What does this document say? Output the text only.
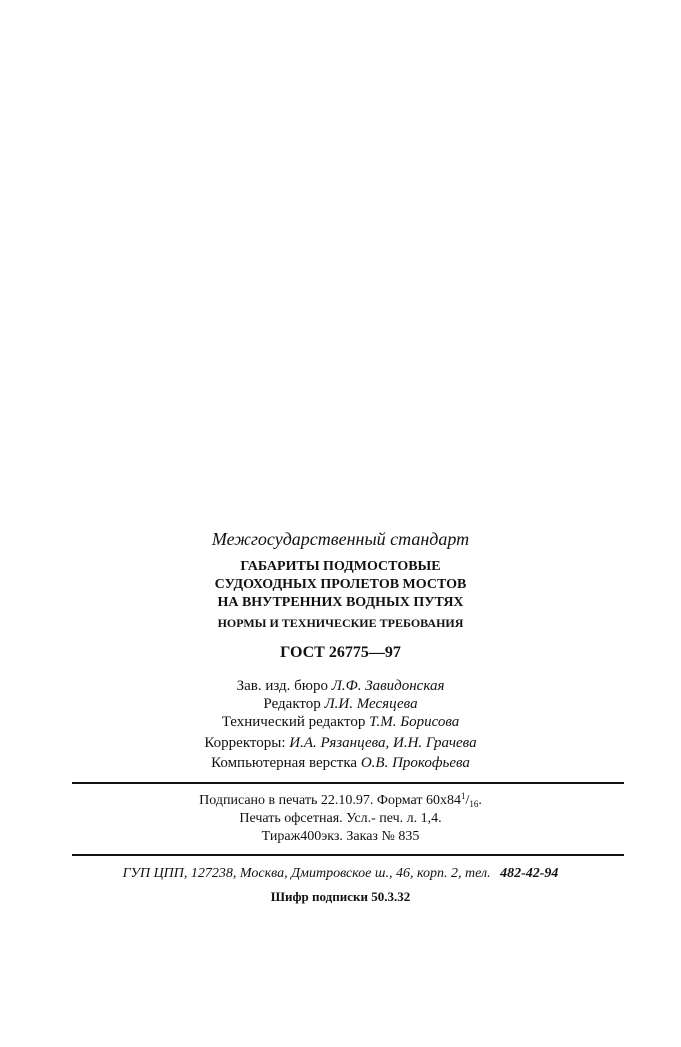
Межгосударственный стандарт
ГАБАРИТЫ ПОДМОСТОВЫЕ
СУДОХОДНЫХ ПРОЛЕТОВ МОСТОВ
НА ВНУТРЕННИХ ВОДНЫХ ПУТЯХ
НОРМЫ И ТЕХНИЧЕСКИЕ ТРЕБОВАНИЯ
ГОСТ 26775—97
Зав. изд. бюро Л.Ф. Завидонская
Редактор Л.И. Месяцева
Технический редактор Т.М. Борисова
Корректоры: И.А. Рязанцева, И.Н. Грачева
Компьютерная верстка О.В. Прокофьева
Подписано в печать 22.10.97. Формат $60х84^1/_{16}$.
Печать офсетная. Усл.- печ. л. 1,4.
Тираж400экз. Заказ № 835
ГУП ЦПП, 127238, Москва, Дмитровское ш., 46, корп. 2, тел. 482-42-94
Шифр подписки 50.3.32
